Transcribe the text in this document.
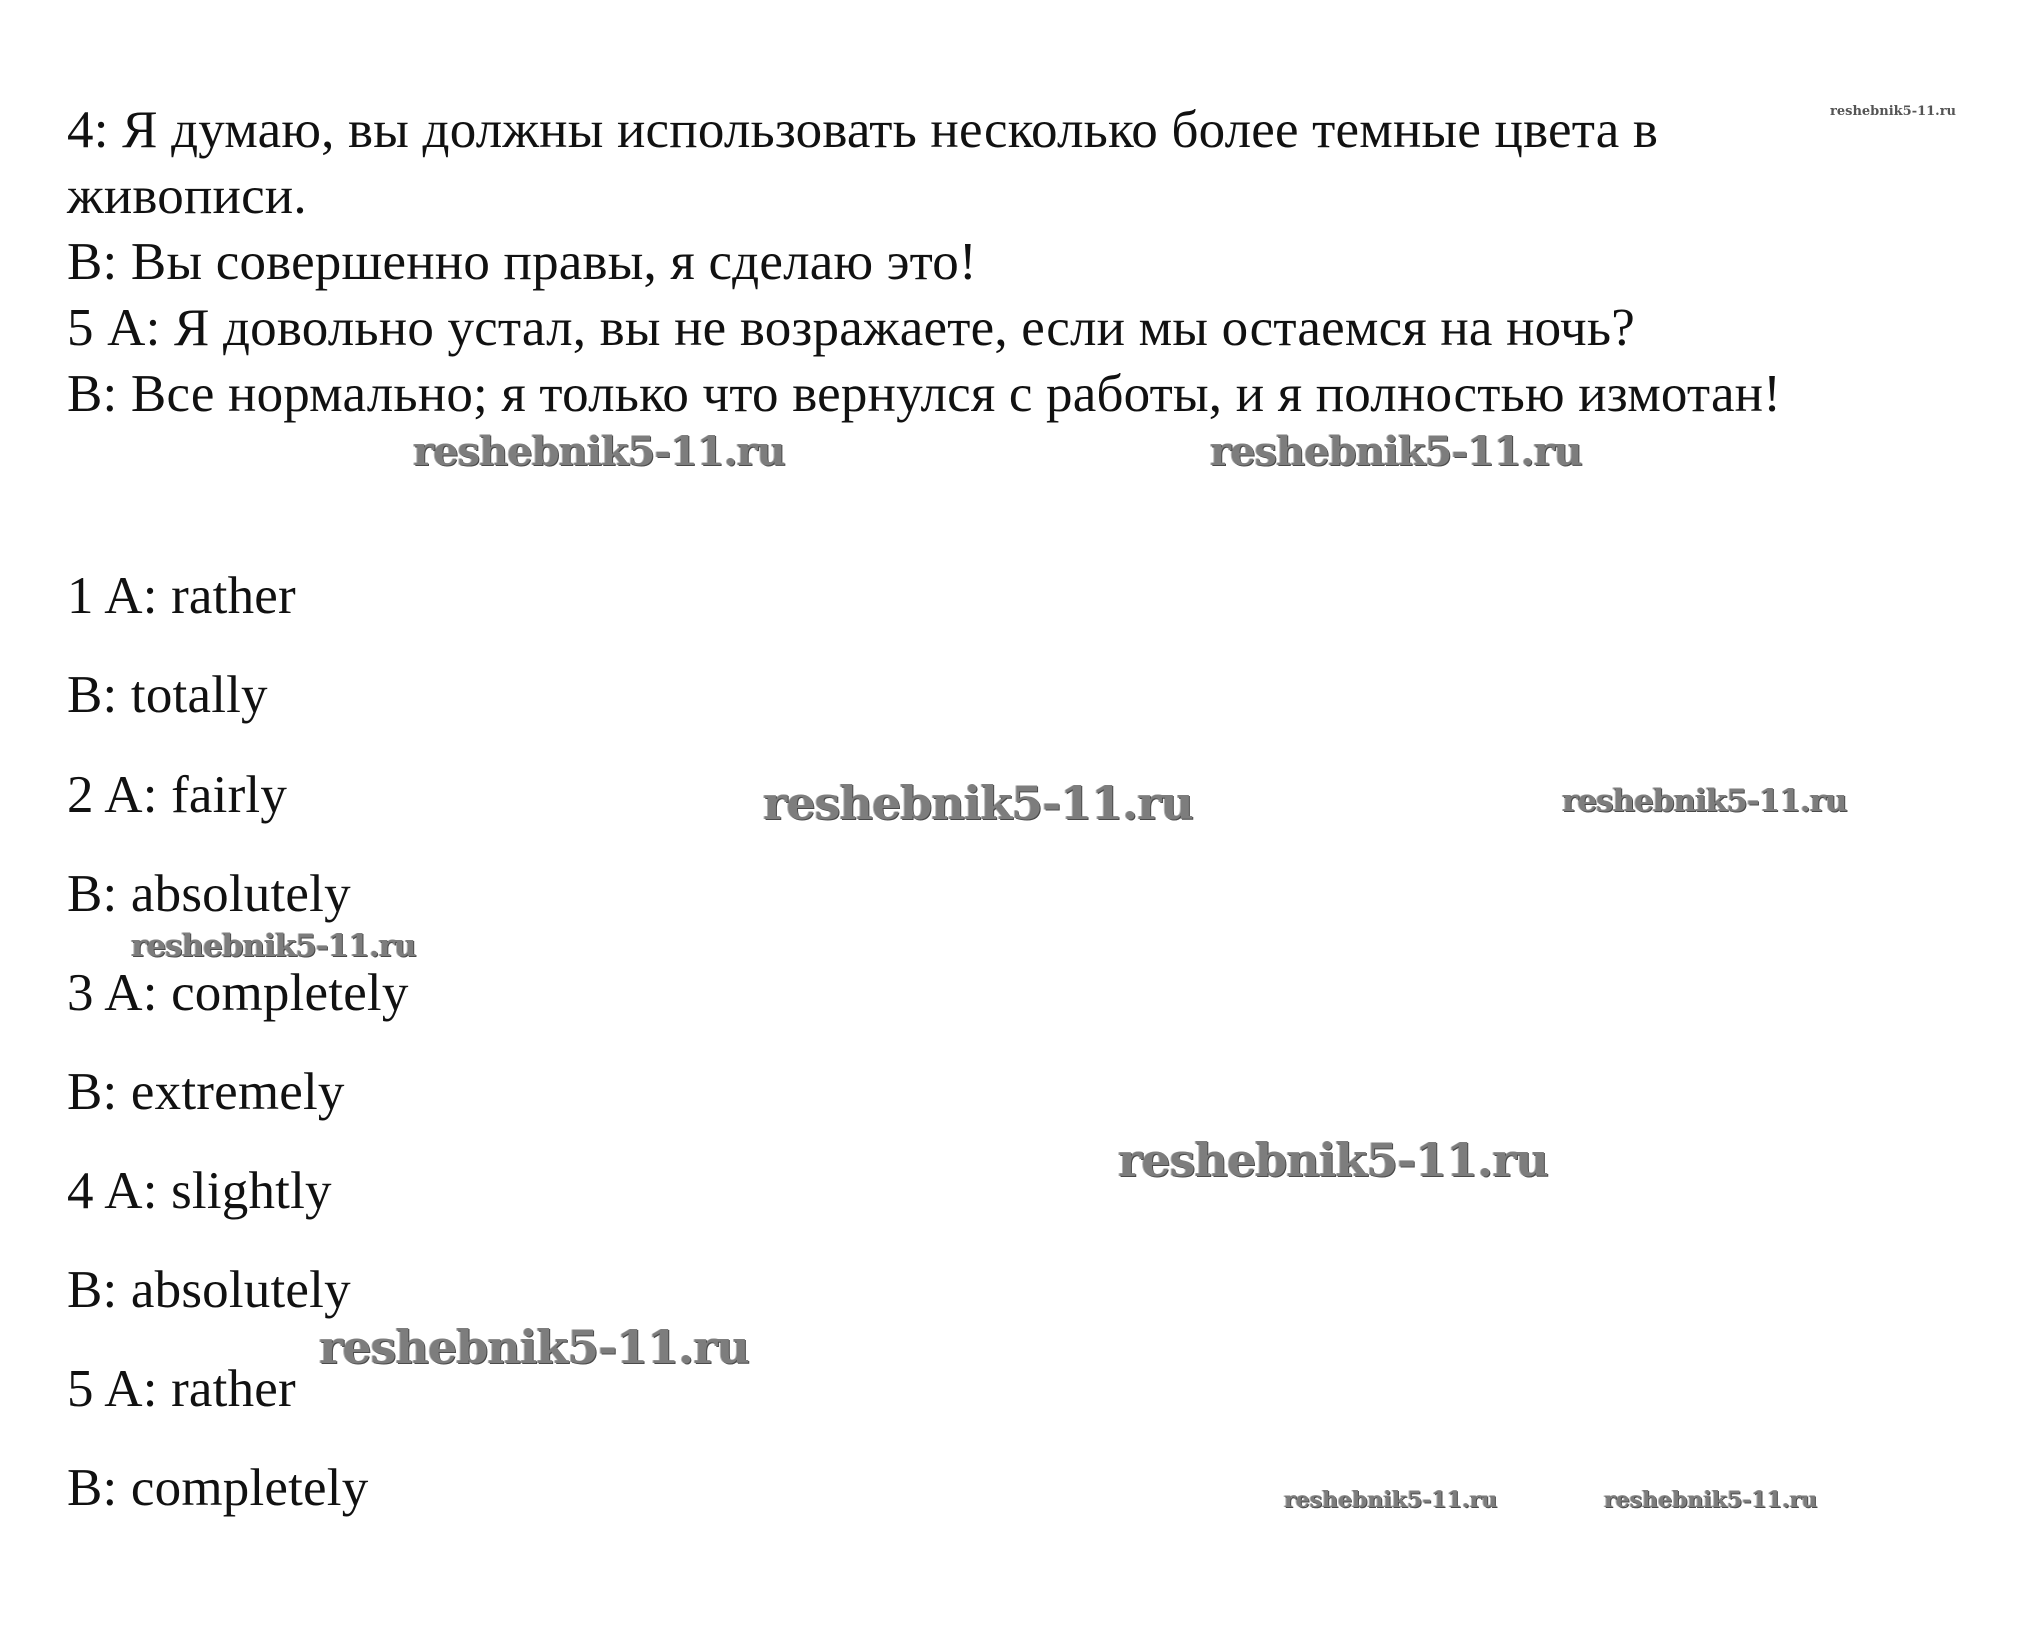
4: Я думаю, вы должны использовать несколько более темные цвета в
живописи.
В: Вы совершенно правы, я сделаю это!
5 А: Я довольно устал, вы не возражаете, если мы остаемся на ночь?
В: Все нормально; я только что вернулся с работы, и я полностью измотан!
1 A: rather
B: totally
2 A: fairly
B: absolutely
3 A: completely
B: extremely
4 A: slightly
B: absolutely
5 A: rather
B: completely
reshebnik5-11.ru
reshebnik5-11.ru	reshebnik5-11.ru
reshebnik5-11.ru	reshebnik5-11.ru
reshebnik5-11.ru
reshebnik5-11.ru
reshebnik5-11.ru
reshebnik5-11.ru	reshebnik5-11.ru
